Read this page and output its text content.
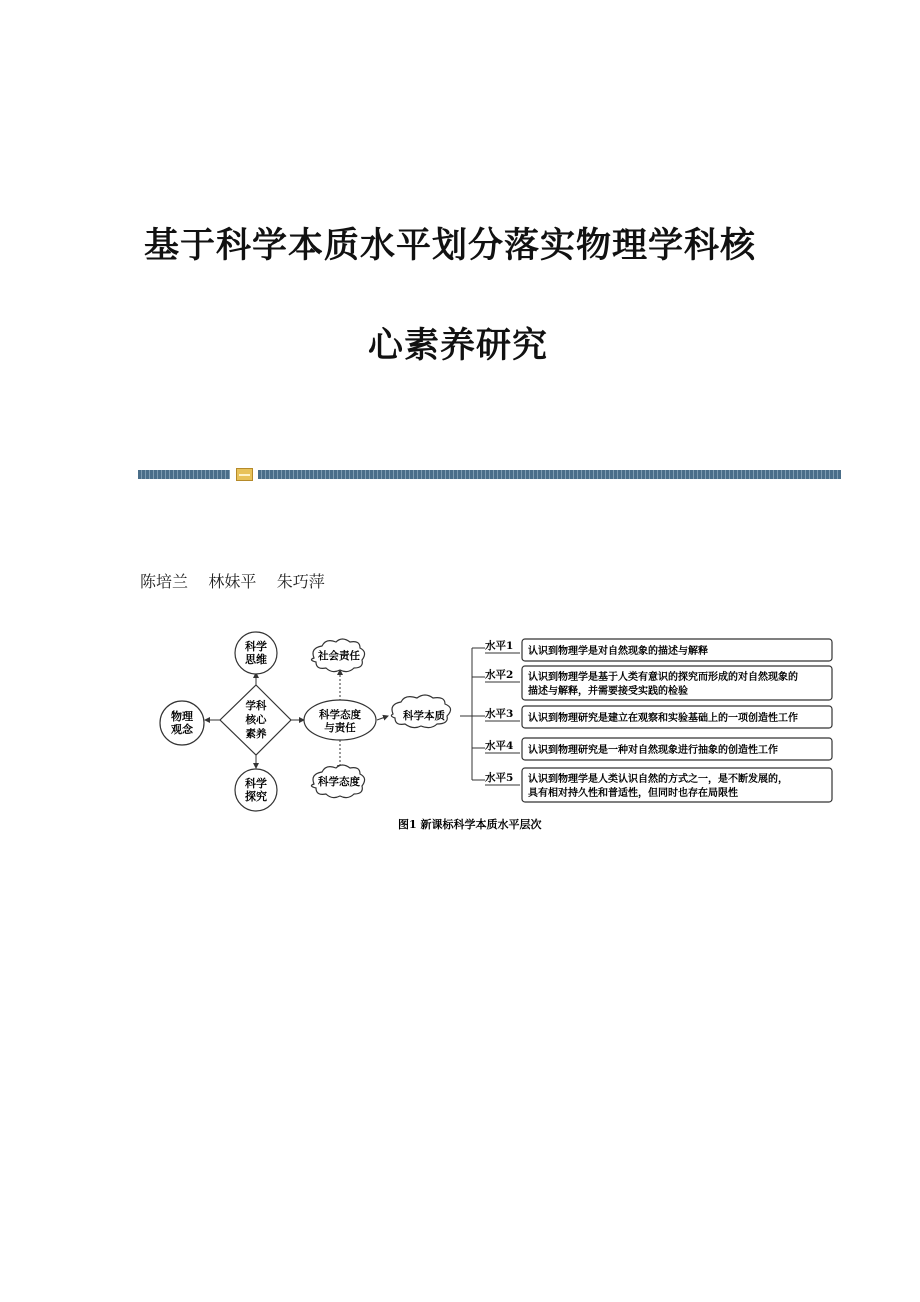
基于科学本质水平划分落实物理学科核
心素养研究
陈培兰    林妹平    朱巧萍
科学
思维
学科
核心
素养
物理
观念
科学
探究
科学态度
与责任
社会责任
科学态度
科学本质
水平1 认识到物理学是对自然现象的描述与解释
水平2 认识到物理学是基于人类有意识的探究而形成的对自然现象的
描述与解释，并需要接受实践的检验
水平3 认识到物理研究是建立在观察和实验基础上的一项创造性工作
水平4 认识到物理研究是一种对自然现象进行抽象的创造性工作
水平5 认识到物理学是人类认识自然的方式之一，是不断发展的，
具有相对持久性和普适性，但同时也存在局限性
图1 新课标科学本质水平层次
